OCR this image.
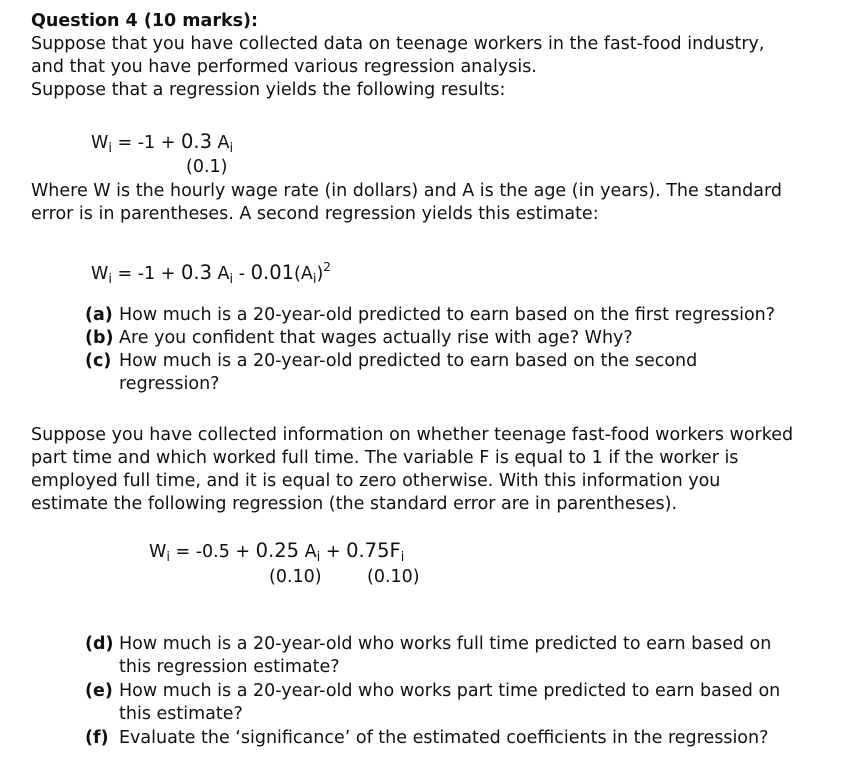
Question 4 (10 marks):
Suppose that you have collected data on teenage workers in the fast-food industry,
and that you have performed various regression analysis.
Suppose that a regression yields the following results:
$W_i = -1 + 0.3$ $A_i$
(0.1)
Where W is the hourly wage rate (in dollars) and A is the age (in years). The standard
error is in parentheses. A second regression yields this estimate:
$W_i = -1 + 0.3$ $A_i - 0.01(A_i)^2$
(a) How much is a 20-year-old predicted to earn based on the first regression?
(b) Are you confident that wages actually rise with age? Why?
(c) How much is a 20-year-old predicted to earn based on the second
regression?
Suppose you have collected information on whether teenage fast-food workers worked
part time and which worked full time. The variable F is equal to 1 if the worker is
employed full time, and it is equal to zero otherwise. With this information you
estimate the following regression (the standard error are in parentheses).
$W_i = -0.5 + 0.25$ $A_i + 0.75F_i$
(0.10)	(0.10)
(d) How much is a 20-year-old who works full time predicted to earn based on
this regression estimate?
(e) How much is a 20-year-old who works part time predicted to earn based on
this estimate?
(f) Evaluate the ‘significance’ of the estimated coefficients in the regression?
